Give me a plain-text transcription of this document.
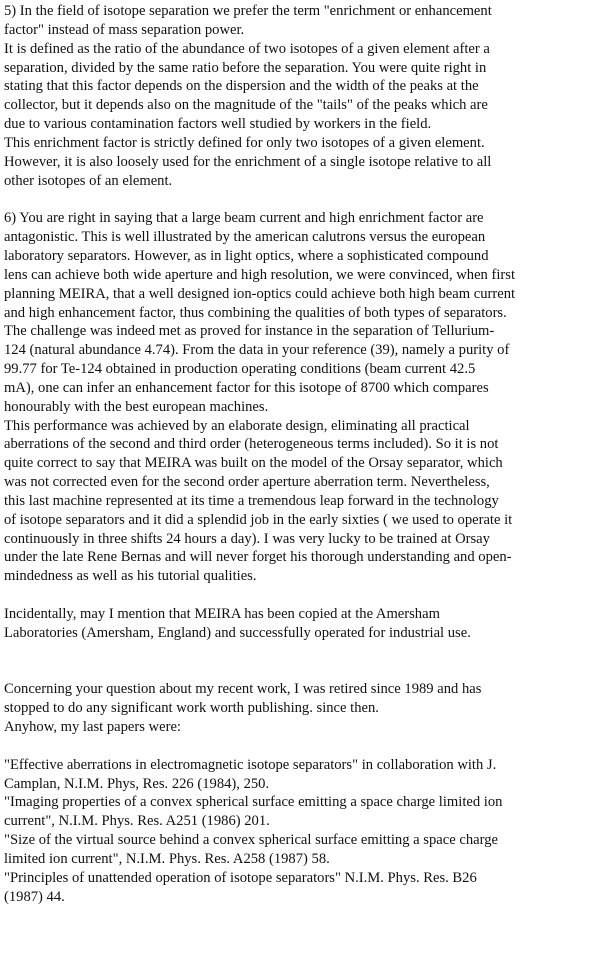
5) In the field of isotope separation we prefer the term "enrichment or enhancement
factor" instead of mass separation power.
It is defined as the ratio of the abundance of two isotopes of a given element after a
separation, divided by the same ratio before the separation. You were quite right in
stating that this factor depends on the dispersion and the width of the peaks at the
collector, but it depends also on the magnitude of the "tails" of the peaks which are
due to various contamination factors well studied by workers in the field.
This enrichment factor is strictly defined for only two isotopes of a given element.
However, it is also loosely used for the enrichment of a single isotope relative to all
other isotopes of an element.
6) You are right in saying that a large beam current and high enrichment factor are
antagonistic. This is well illustrated by the american calutrons versus the european
laboratory separators. However, as in light optics, where a sophisticated compound
lens can achieve both wide aperture and high resolution, we were convinced, when first
planning MEIRA, that a well designed ion-optics could achieve both high beam current
and high enhancement factor, thus combining the qualities of both types of separators.
The challenge was indeed met as proved for instance in the separation of Tellurium-
124 (natural abundance 4.74). From the data in your reference (39), namely a purity of
99.77 for Te-124 obtained in production operating conditions (beam current 42.5
mA), one can infer an enhancement factor for this isotope of 8700 which compares
honourably with the best european machines.
This performance was achieved by an elaborate design, eliminating all practical
aberrations of the second and third order (heterogeneous terms included). So it is not
quite correct to say that MEIRA was built on the model of the Orsay separator, which
was not corrected even for the second order aperture aberration term. Nevertheless,
this last machine represented at its time a tremendous leap forward in the technology
of isotope separators and it did a splendid job in the early sixties ( we used to operate it
continuously in three shifts 24 hours a day). I was very lucky to be trained at Orsay
under the late Rene Bernas and will never forget his thorough understanding and open-
mindedness as well as his tutorial qualities.
Incidentally, may I mention that MEIRA has been copied at the Amersham
Laboratories (Amersham, England) and successfully operated for industrial use.
Concerning your question about my recent work, I was retired since 1989 and has
stopped to do any significant work worth publishing. since then.
Anyhow, my last papers were:
"Effective aberrations in electromagnetic isotope separators" in collaboration with J.
Camplan, N.I.M. Phys, Res. 226 (1984), 250.
"Imaging properties of a convex spherical surface emitting a space charge limited ion
current", N.I.M. Phys. Res. A251 (1986) 201.
"Size of the virtual source behind a convex spherical surface emitting a space charge
limited ion current", N.I.M. Phys. Res. A258 (1987) 58.
"Principles of unattended operation of isotope separators" N.I.M. Phys. Res. B26
(1987) 44.
